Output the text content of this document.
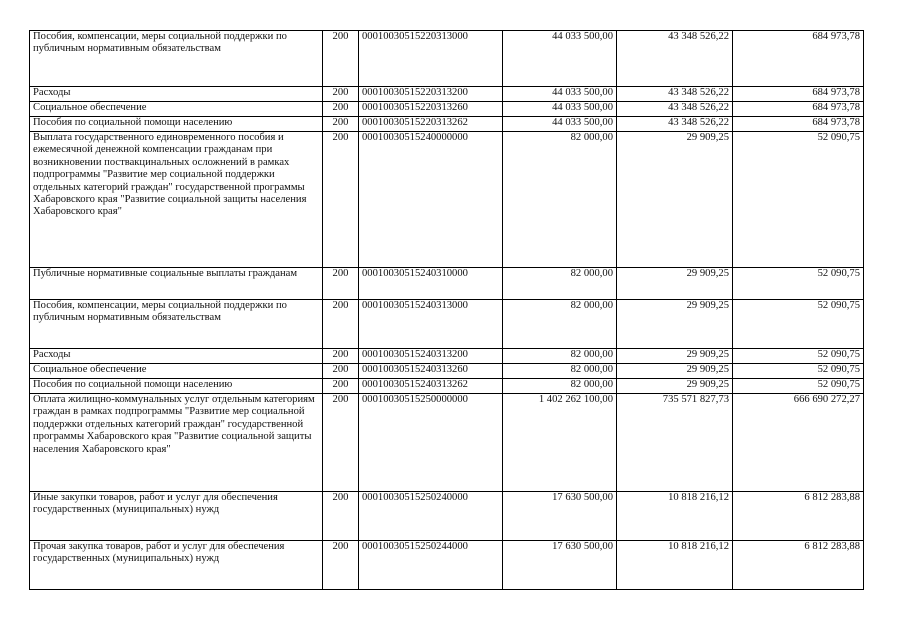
Пособия, компенсации, меры социальной поддержки по публичным нормативным обязательствам	200	00010030515220313000	44 033 500,00	43 348 526,22	684 973,78
Расходы	200	00010030515220313200	44 033 500,00	43 348 526,22	684 973,78
Социальное обеспечение	200	00010030515220313260	44 033 500,00	43 348 526,22	684 973,78
Пособия по социальной помощи населению	200	00010030515220313262	44 033 500,00	43 348 526,22	684 973,78
Выплата государственного единовременного пособия и ежемесячной денежной компенсации гражданам при возникновении поствакцинальных осложнений в рамках подпрограммы "Развитие мер социальной поддержки отдельных категорий граждан" государственной программы Хабаровского края "Развитие социальной защиты населения Хабаровского края"	200	00010030515240000000	82 000,00	29 909,25	52 090,75
Публичные нормативные социальные выплаты гражданам	200	00010030515240310000	82 000,00	29 909,25	52 090,75
Пособия, компенсации, меры социальной поддержки по публичным нормативным обязательствам	200	00010030515240313000	82 000,00	29 909,25	52 090,75
Расходы	200	00010030515240313200	82 000,00	29 909,25	52 090,75
Социальное обеспечение	200	00010030515240313260	82 000,00	29 909,25	52 090,75
Пособия по социальной помощи населению	200	00010030515240313262	82 000,00	29 909,25	52 090,75
Оплата жилищно-коммунальных услуг отдельным категориям граждан в рамках подпрограммы "Развитие мер социальной поддержки отдельных категорий граждан" государственной программы Хабаровского края "Развитие социальной защиты населения Хабаровского края"	200	00010030515250000000	1 402 262 100,00	735 571 827,73	666 690 272,27
Иные закупки товаров, работ и услуг для обеспечения государственных (муниципальных) нужд	200	00010030515250240000	17 630 500,00	10 818 216,12	6 812 283,88
Прочая закупка товаров, работ и услуг для обеспечения государственных (муниципальных) нужд	200	00010030515250244000	17 630 500,00	10 818 216,12	6 812 283,88
